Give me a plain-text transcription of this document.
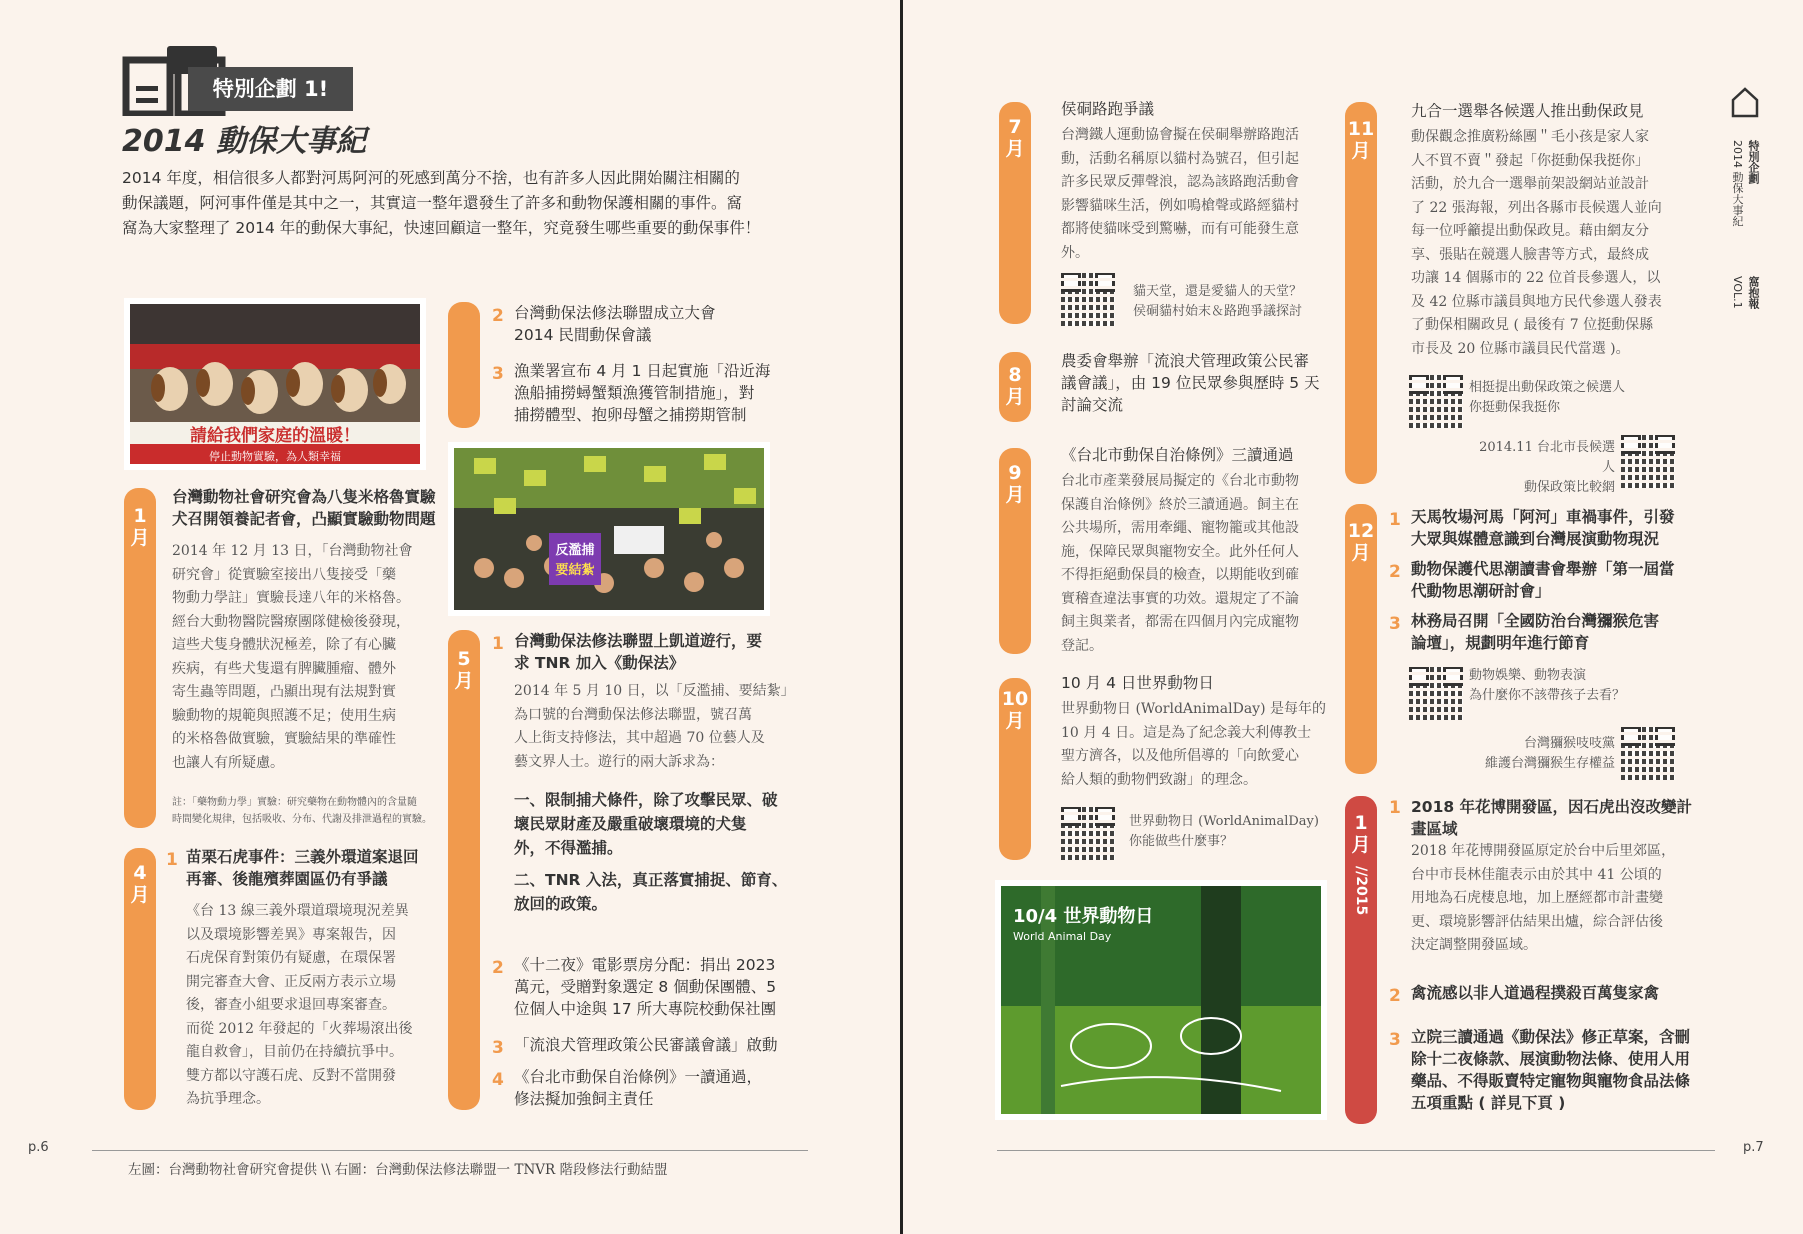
特別企劃 1!
2014 動保大事紀
2014 年度，相信很多人都對河馬阿河的死感到萬分不捨，也有許多人因此開始關注相關的
動保議題，阿河事件僅是其中之一，其實這一整年還發生了許多和動物保護相關的事件。窩
窩為大家整理了 2014 年的動保大事紀，快速回顧這一整年，究竟發生哪些重要的動保事件！
請給我們家庭的溫暖！
停止動物實驗，為人類幸福
1
月
台灣動物社會研究會為八隻米格魯實驗
犬召開領養記者會，凸顯實驗動物問題
2014 年 12 月 13 日，「台灣動物社會
研究會」從實驗室接出八隻接受「藥
物動力學註」實驗長達八年的米格魯。
經台大動物醫院醫療團隊健檢後發現，
這些犬隻身體狀況極差，除了有心臟
疾病，有些犬隻還有脾臟腫瘤、體外
寄生蟲等問題，凸顯出現有法規對實
驗動物的規範與照護不足；使用生病
的米格魯做實驗，實驗結果的準確性
也讓人有所疑慮。
註：「藥物動力學」實驗：研究藥物在動物體內的含量隨
時間變化規律，包括吸收、分布、代謝及排泄過程的實驗。
4
月
1 苗栗石虎事件：三義外環道案退回
再審、後龍殯葬園區仍有爭議
《台 13 線三義外環道環境現況差異
以及環境影響差異》專案報告，因
石虎保育對策仍有疑慮，在環保署
開完審查大會、正反兩方表示立場
後，審查小組要求退回專案審查。
而從 2012 年發起的「火葬場滾出後
龍自救會」，目前仍在持續抗爭中。
雙方都以守護石虎、反對不當開發
為抗爭理念。
2 台灣動保法修法聯盟成立大會
2014 民間動保會議
3 漁業署宣布 4 月 1 日起實施「沿近海
漁船捕撈蟳蟹類漁獲管制措施」，對
捕撈體型、抱卵母蟹之捕撈期管制
反濫捕
要結紮
5
月
1 台灣動保法修法聯盟上凱道遊行，要
求 TNR 加入《動保法》
2014 年 5 月 10 日，以「反濫捕、要結紮」
為口號的台灣動保法修法聯盟，號召萬
人上街支持修法，其中超過 70 位藝人及
藝文界人士。遊行的兩大訴求為：
一、限制捕犬條件，除了攻擊民眾、破
壞民眾財產及嚴重破壞環境的犬隻
外，不得濫捕。
二、TNR 入法，真正落實捕捉、節育、
放回的政策。
2 《十二夜》電影票房分配：捐出 2023
萬元，受贈對象選定 8 個動保團體、5
位個人中途與 17 所大專院校動保社團
3 「流浪犬管理政策公民審議會議」啟動
4 《台北市動保自治條例》一讀通過，
修法擬加強飼主責任
p.6
左圖：台灣動物社會研究會提供 \\ 右圖：台灣動保法修法聯盟一 TNVR 階段修法行動結盟
7
月
侯硐路跑爭議
台灣鐵人運動協會擬在侯硐舉辦路跑活
動，活動名稱原以貓村為號召，但引起
許多民眾反彈聲浪，認為該路跑活動會
影響貓咪生活，例如鳴槍聲或路經貓村
都將使貓咪受到驚嚇，而有可能發生意
外。
貓天堂，還是愛貓人的天堂？
侯硐貓村始末＆路跑爭議探討
8
月
農委會舉辦「流浪犬管理政策公民審
議會議」，由 19 位民眾參與歷時 5 天
討論交流
9
月
《台北市動保自治條例》三讀通過
台北市產業發展局擬定的《台北市動物
保護自治條例》終於三讀通過。飼主在
公共場所，需用牽繩、寵物籠或其他設
施，保障民眾與寵物安全。此外任何人
不得拒絕動保員的檢查，以期能收到確
實稽查違法事實的功效。還規定了不論
飼主與業者，都需在四個月內完成寵物
登記。
10
月
10 月 4 日世界動物日
世界動物日 (WorldAnimalDay) 是每年的
10 月 4 日。這是為了紀念義大利傳教士
聖方濟各，以及他所倡導的「向飲愛心
給人類的動物們致謝」的理念。
世界動物日 (WorldAnimalDay)
你能做些什麼事？
10/4 世界動物日
World Animal Day
11
月
九合一選舉各候選人推出動保政見
動保觀念推廣粉絲團＂毛小孩是家人家
人不買不賣＂發起「你挺動保我挺你」
活動，於九合一選舉前架設網站並設計
了 22 張海報，列出各縣市長候選人並向
每一位呼籲提出動保政見。藉由網友分
享、張貼在競選人臉書等方式，最終成
功讓 14 個縣市的 22 位首長參選人，以
及 42 位縣市議員與地方民代參選人發表
了動保相關政見 ( 最後有 7 位挺動保縣
市長及 20 位縣市議員民代當選 )。
相挺提出動保政策之候選人
你挺動保我挺你
2014.11 台北市長候選人
動保政策比較網
12
月
1 天馬牧場河馬「阿河」車禍事件，引發
大眾與媒體意識到台灣展演動物現況
2 動物保護代思潮讀書會舉辦「第一屆當
代動物思潮研討會」
3 林務局召開「全國防治台灣獼猴危害
論壇」，規劃明年進行節育
動物娛樂、動物表演
為什麼你不該帶孩子去看？
台灣獼猴吱吱黨
維護台灣獼猴生存權益
1
月
//2015
1 2018 年花博開發區，因石虎出沒改變計
畫區域
2018 年花博開發區原定於台中后里郊區，
台中市長林佳龍表示由於其中 41 公頃的
用地為石虎棲息地，加上歷經都市計畫變
更、環境影響評估結果出爐，綜合評估後
決定調整開發區域。
2 禽流感以非人道過程撲殺百萬隻家禽
3 立院三讀通過《動保法》修正草案，含刪
除十二夜條款、展演動物法條、使用人用
藥品、不得販賣特定寵物與寵物食品法條
五項重點 ( 詳見下頁 )
特別企劃
2014 動保大事紀
窩抱報
VOL.1
p.7
